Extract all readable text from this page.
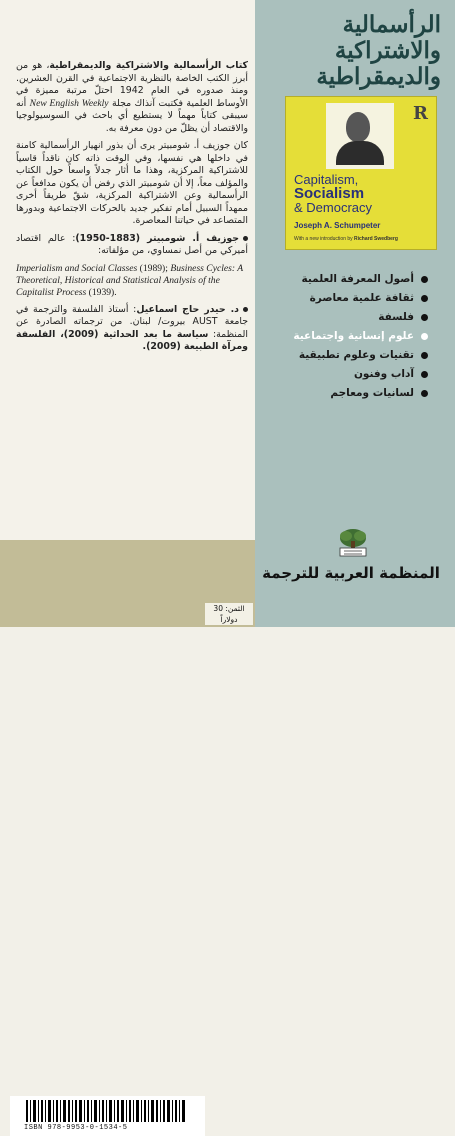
الرأسمالية
والاشتراكية
والديمقراطية
R
Capitalism,
Socialism
& Democracy
Joseph A. Schumpeter
With a new introduction by Richard Swedberg
أصول المعرفة العلمية
ثقافة علمية معاصرة
فلسفة
علوم إنسانية واجتماعية
تقنيات وعلوم تطبيقية
آداب وفنون
لسانيات ومعاجم
المنظمة العربية للترجمة

كتاب الرأسمالية والاشتراكية والديمقراطية، هو من أبرز الكتب الخاصة بالنظرية الاجتماعية في القرن العشرين. ومنذ صدوره في العام 1942 احتلّ مرتبة مميزة في الأوساط العلمية فكتبت آنذاك مجلة New English Weekly أنه سيبقى كتاباً مهماً لا يستطيع أي باحث في السوسيولوجيا والاقتصاد أن يظلّ من دون معرفة به.

كان جوزيف أ. شومبيتر يرى أن بذور انهيار الرأسمالية كامنة في داخلها هي نفسها، وفي الوقت ذاته كان ناقداً قاسياً للاشتراكية المركزية، وهذا ما أثار جدلاً واسعاً حول الكتاب والمؤلف معاً، إلا أن شومبيتر الذي رفض أن يكون مدافعاً عن الرأسمالية وعن الاشتراكية المركزية، شقّ طريقاً أخرى ممهداً السبيل أمام تفكير جديد بالحركات الاجتماعية وبدورها المتصاعد في حياتنا المعاصرة.

جوزيف أ. شومبيتر (1883-1950): عالم اقتصاد أميركي من أصل نمساوي، من مؤلفاته:

Imperialism and Social Classes (1989); Business Cycles: A Theoretical, Historical and Statistical Analysis of the Capitalist Process (1939).

د. حيدر حاج اسماعيل: أستاذ الفلسفة والترجمة في جامعة AUST بيروت/ لبنان. من ترجماته الصادرة عن المنظمة: سياسة ما بعد الحداثية (2009)، الفلسفة ومرآة الطبيعة (2009).

ISBN 978-9953-0-1534-5
الثمن: 30 دولاراً
